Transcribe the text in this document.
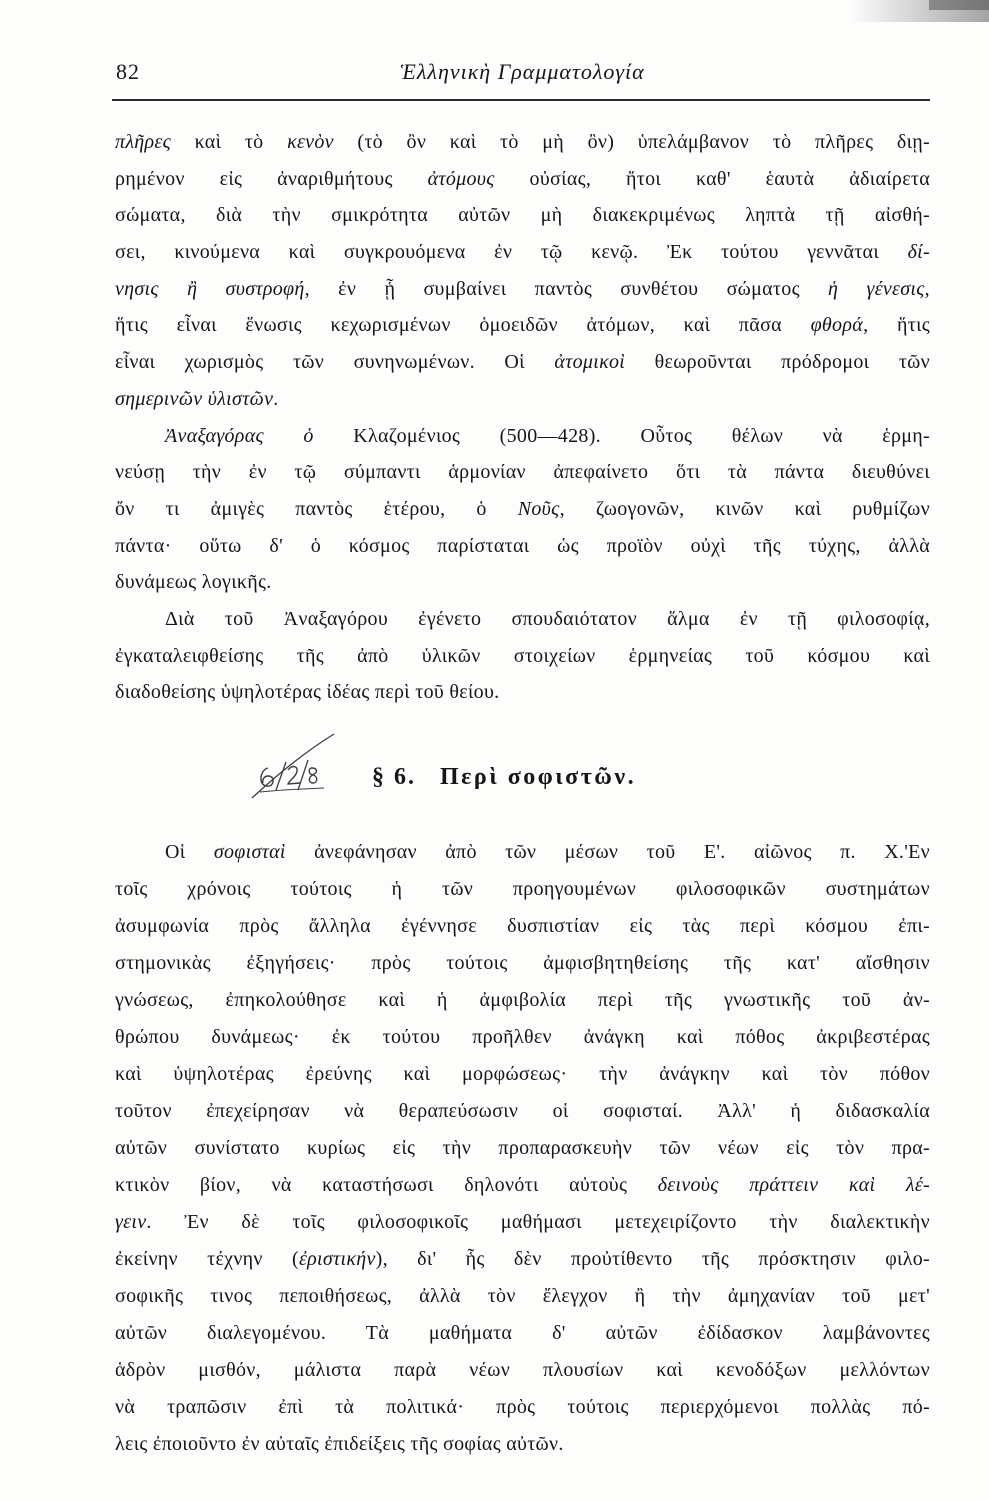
82	Ἑλληνικὴ Γραμματολογία
πλῆρες καὶ τὸ κενὸν (τὸ ὂν καὶ τὸ μὴ ὂν) ὑπελάμβανον τὸ πλῆρες διῃ-
ρημένον εἰς ἀναριθμήτους ἀτόμους οὐσίας, ἤτοι καθ' ἑαυτὰ ἀδιαίρετα
σώματα, διὰ τὴν σμικρότητα αὐτῶν μὴ διακεκριμένως ληπτὰ τῇ αἰσθή-
σει, κινούμενα καὶ συγκρουόμενα ἐν τῷ κενῷ. Ἐκ τούτου γεννᾶται δί-
νησις ἢ συστροφή, ἐν ᾗ συμβαίνει παντὸς συνθέτου σώματος ἡ γένεσις,
ἥτις εἶναι ἕνωσις κεχωρισμένων ὁμοειδῶν ἀτόμων, καὶ πᾶσα φθορά, ἥτις
εἶναι χωρισμὸς τῶν συνηνωμένων. Οἱ ἀτομικοὶ θεωροῦνται πρόδρομοι τῶν
σημερινῶν ὑλιστῶν.
Ἀναξαγόρας ὁ Κλαζομένιος (500—428). Οὗτος θέλων νὰ ἑρμη-
νεύσῃ τὴν ἐν τῷ σύμπαντι ἁρμονίαν ἀπεφαίνετο ὅτι τὰ πάντα διευθύνει
ὄν τι ἀμιγὲς παντὸς ἑτέρου, ὁ Νοῦς, ζωογονῶν, κινῶν καὶ ρυθμίζων
πάντα· οὕτω δ' ὁ κόσμος παρίσταται ὡς προϊὸν οὐχὶ τῆς τύχης, ἀλλὰ
δυνάμεως λογικῆς.
Διὰ τοῦ Ἀναξαγόρου ἐγένετο σπουδαιότατον ἅλμα ἐν τῇ φιλοσοφίᾳ,
ἐγκαταλειφθείσης τῆς ἀπὸ ὑλικῶν στοιχείων ἑρμηνείας τοῦ κόσμου καὶ
διαδοθείσης ὑψηλοτέρας ἰδέας περὶ τοῦ θείου.
§ 6. Περὶ σοφιστῶν.
Οἱ σοφισταὶ ἀνεφάνησαν ἀπὸ τῶν μέσων τοῦ Ε'. αἰῶνος π. Χ.'Εν
τοῖς χρόνοις τούτοις ἡ τῶν προηγουμένων φιλοσοφικῶν συστημάτων
ἀσυμφωνία πρὸς ἄλληλα ἐγέννησε δυσπιστίαν εἰς τὰς περὶ κόσμου ἐπι-
στημονικὰς ἐξηγήσεις· πρὸς τούτοις ἀμφισβητηθείσης τῆς κατ' αἴσθησιν
γνώσεως, ἐπηκολούθησε καὶ ἡ ἀμφιβολία περὶ τῆς γνωστικῆς τοῦ ἀν-
θρώπου δυνάμεως· ἐκ τούτου προῆλθεν ἀνάγκη καὶ πόθος ἀκριβεστέρας
καὶ ὑψηλοτέρας ἐρεύνης καὶ μορφώσεως· τὴν ἀνάγκην καὶ τὸν πόθον
τοῦτον ἐπεχείρησαν νὰ θεραπεύσωσιν οἱ σοφισταί. Ἀλλ' ἡ διδασκαλία
αὐτῶν συνίστατο κυρίως εἰς τὴν προπαρασκευὴν τῶν νέων εἰς τὸν πρα-
κτικὸν βίον, νὰ καταστήσωσι δηλονότι αὐτοὺς δεινοὺς πράττειν καὶ λέ-
γειν. Ἐν δὲ τοῖς φιλοσοφικοῖς μαθήμασι μετεχειρίζοντο τὴν διαλεκτικὴν
ἐκείνην τέχνην (ἐριστικήν), δι' ἧς δὲν προὐτίθεντο τῆς πρόσκτησιν φιλο-
σοφικῆς τινος πεποιθήσεως, ἀλλὰ τὸν ἔλεγχον ἢ τὴν ἀμηχανίαν τοῦ μετ'
αὐτῶν διαλεγομένου. Τὰ μαθήματα δ' αὐτῶν ἐδίδασκον λαμβάνοντες
ἁδρὸν μισθόν, μάλιστα παρὰ νέων πλουσίων καὶ κενοδόξων μελλόντων
νὰ τραπῶσιν ἐπὶ τὰ πολιτικά· πρὸς τούτοις περιερχόμενοι πολλὰς πό-
λεις ἐποιοῦντο ἐν αὐταῖς ἐπιδείξεις τῆς σοφίας αὐτῶν.
